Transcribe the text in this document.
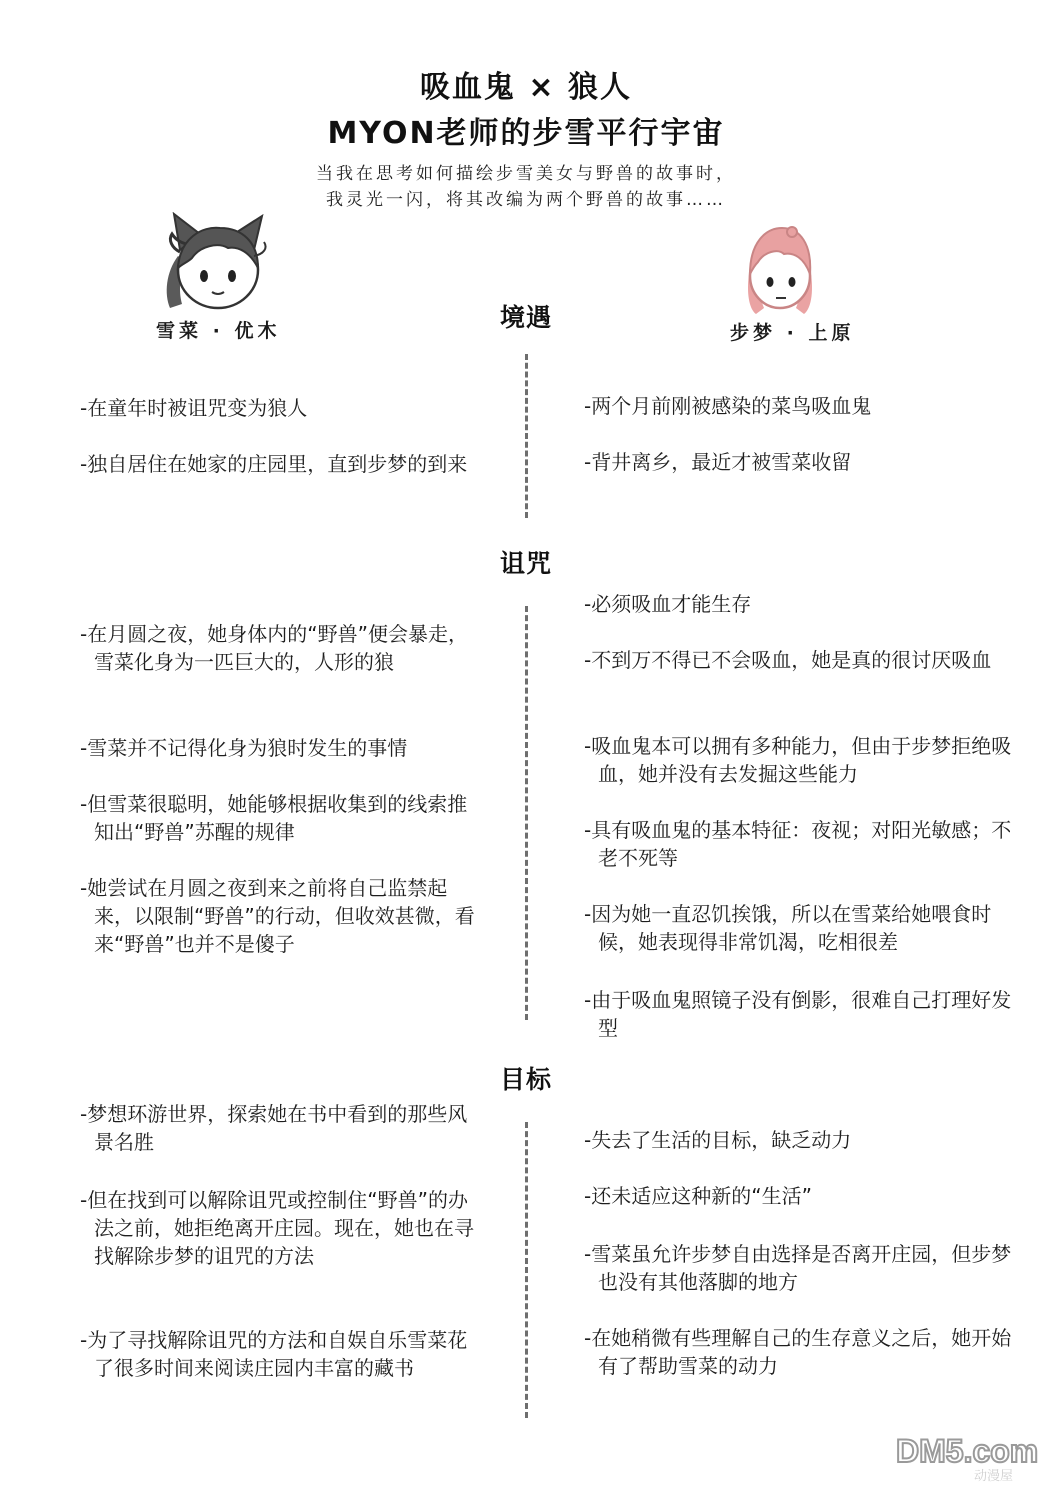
吸血鬼 × 狼人
MYON老师的步雪平行宇宙
当我在思考如何描绘步雪美女与野兽的故事时，
我灵光一闪，将其改编为两个野兽的故事……
雪菜 · 优木	步梦 · 上原
境遇
-在童年时被诅咒变为狼人
-独自居住在她家的庄园里，直到步梦的到来
-两个月前刚被感染的菜鸟吸血鬼
-背井离乡，最近才被雪菜收留
诅咒
-在月圆之夜，她身体内的“野兽”便会暴走，雪菜化身为一匹巨大的，人形的狼
-雪菜并不记得化身为狼时发生的事情
-但雪菜很聪明，她能够根据收集到的线索推知出“野兽”苏醒的规律
-她尝试在月圆之夜到来之前将自己监禁起来，以限制“野兽”的行动，但收效甚微，看来“野兽”也并不是傻子
-必须吸血才能生存
-不到万不得已不会吸血，她是真的很讨厌吸血
-吸血鬼本可以拥有多种能力，但由于步梦拒绝吸血，她并没有去发掘这些能力
-具有吸血鬼的基本特征：夜视；对阳光敏感；不老不死等
-因为她一直忍饥挨饿，所以在雪菜给她喂食时候，她表现得非常饥渴，吃相很差
-由于吸血鬼照镜子没有倒影，很难自己打理好发型
目标
-梦想环游世界，探索她在书中看到的那些风景名胜
-但在找到可以解除诅咒或控制住“野兽”的办法之前，她拒绝离开庄园。现在，她也在寻找解除步梦的诅咒的方法
-为了寻找解除诅咒的方法和自娱自乐雪菜花了很多时间来阅读庄园内丰富的藏书
-失去了生活的目标，缺乏动力
-还未适应这种新的“生活”
-雪菜虽允许步梦自由选择是否离开庄园，但步梦也没有其他落脚的地方
-在她稍微有些理解自己的生存意义之后，她开始有了帮助雪菜的动力
DM5.com
动漫屋
